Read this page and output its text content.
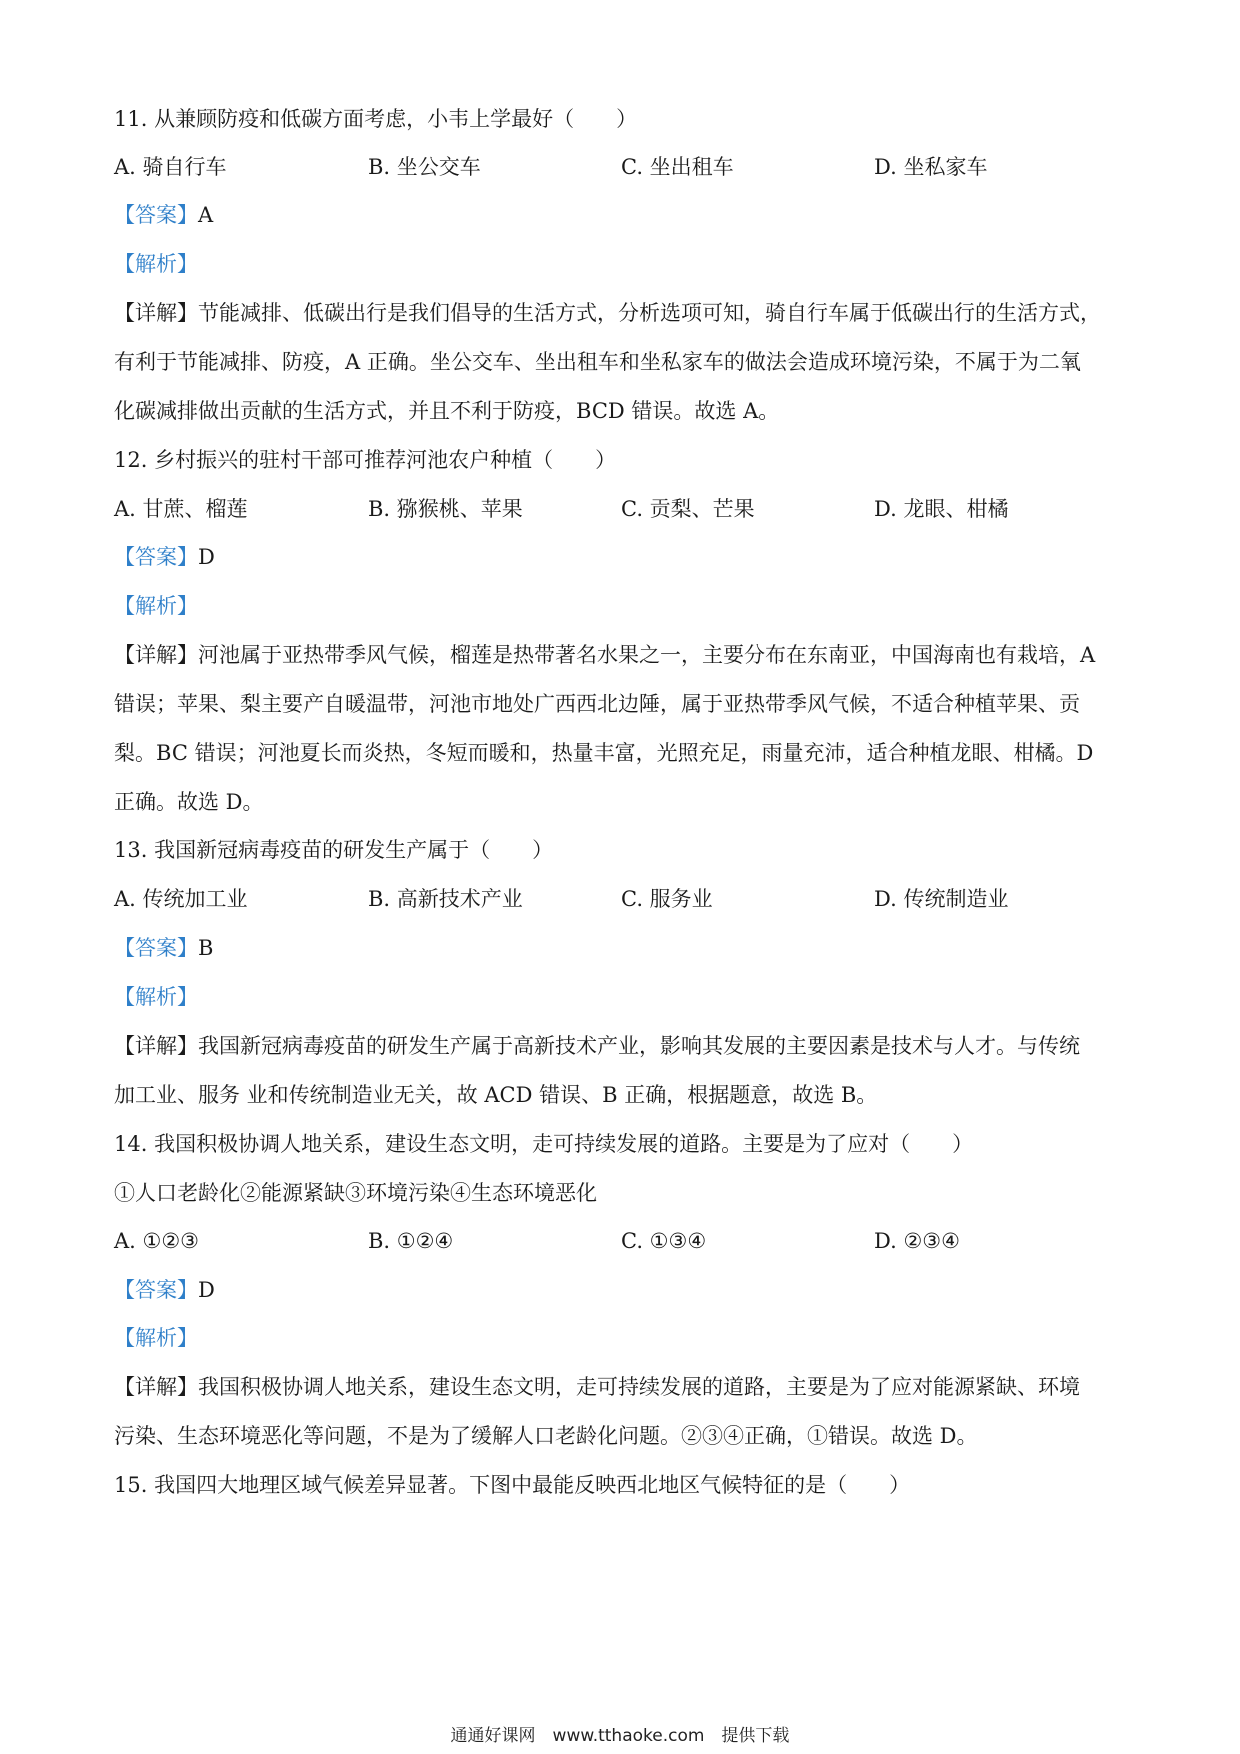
11. 从兼顾防疫和低碳方面考虑，小韦上学最好（　　）
A. 骑自行车	B. 坐公交车	C. 坐出租车	D. 坐私家车
【答案】A
【解析】
【详解】节能减排、低碳出行是我们倡导的生活方式，分析选项可知，骑自行车属于低碳出行的生活方式，
有利于节能减排、防疫，A 正确。坐公交车、坐出租车和坐私家车的做法会造成环境污染，不属于为二氧
化碳减排做出贡献的生活方式，并且不利于防疫，BCD 错误。故选 A。
12. 乡村振兴的驻村干部可推荐河池农户种植（　　）
A. 甘蔗、榴莲	B. 猕猴桃、苹果	C. 贡梨、芒果	D. 龙眼、柑橘
【答案】D
【解析】
【详解】河池属于亚热带季风气候，榴莲是热带著名水果之一，主要分布在东南亚，中国海南也有栽培，A
错误；苹果、梨主要产自暖温带，河池市地处广西西北边陲，属于亚热带季风气候，不适合种植苹果、贡
梨。BC 错误；河池夏长而炎热，冬短而暖和，热量丰富，光照充足，雨量充沛，适合种植龙眼、柑橘。D
正确。故选 D。
13. 我国新冠病毒疫苗的研发生产属于（　　）
A. 传统加工业	B. 高新技术产业	C. 服务业	D. 传统制造业
【答案】B
【解析】
【详解】我国新冠病毒疫苗的研发生产属于高新技术产业，影响其发展的主要因素是技术与人才。与传统
加工业、服务 业和传统制造业无关，故 ACD 错误、B 正确，根据题意，故选 B。
14. 我国积极协调人地关系，建设生态文明，走可持续发展的道路。主要是为了应对（　　）
①人口老龄化②能源紧缺③环境污染④生态环境恶化
A. ①②③	B. ①②④	C. ①③④	D. ②③④
【答案】D
【解析】
【详解】我国积极协调人地关系，建设生态文明，走可持续发展的道路，主要是为了应对能源紧缺、环境
污染、生态环境恶化等问题，不是为了缓解人口老龄化问题。②③④正确，①错误。故选 D。
15. 我国四大地理区域气候差异显著。下图中最能反映西北地区气候特征的是（　　）
通通好课网　www.tthaoke.com　提供下载
